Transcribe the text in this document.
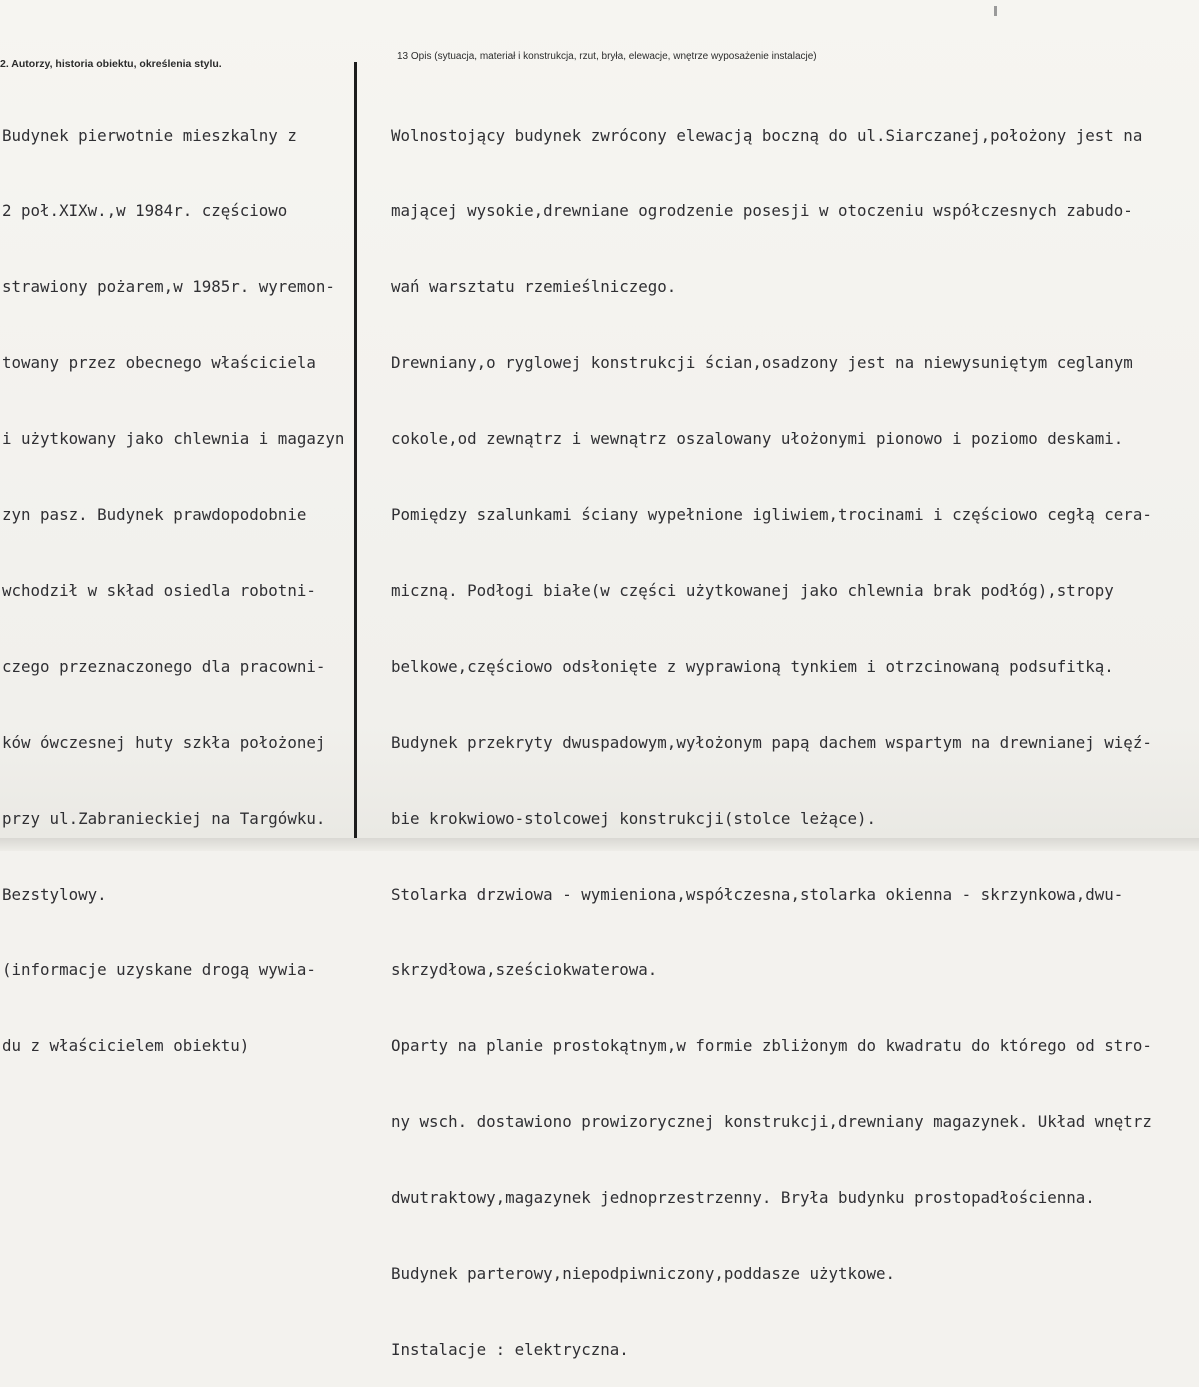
2. Autorzy, historia obiektu, określenia stylu.
13 Opis (sytuacja, materiał i konstrukcja, rzut, bryła, elewacje, wnętrze wyposażenie instalacje)

Budynek pierwotnie mieszkalny z

2 poł.XIXw.,w 1984r. częściowo

strawiony pożarem,w 1985r. wyremon-

towany przez obecnego właściciela

i użytkowany jako chlewnia i magazyn

zyn pasz. Budynek prawdopodobnie

wchodził w skład osiedla robotni-

czego przeznaczonego dla pracowni-

ków ówczesnej huty szkła położonej

przy ul.Zabranieckiej na Targówku.

Bezstylowy.

(informacje uzyskane drogą wywia-

du z właścicielem obiektu)

Wolnostojący budynek zwrócony elewacją boczną do ul.Siarczanej,położony jest na

mającej wysokie,drewniane ogrodzenie posesji w otoczeniu współczesnych zabudo-

wań warsztatu rzemieślniczego.

Drewniany,o ryglowej konstrukcji ścian,osadzony jest na niewysuniętym ceglanym

cokole,od zewnątrz i wewnątrz oszalowany ułożonymi pionowo i poziomo deskami.

Pomiędzy szalunkami ściany wypełnione igliwiem,trocinami i częściowo cegłą cera-

miczną. Podłogi białe(w części użytkowanej jako chlewnia brak podłóg),stropy

belkowe,częściowo odsłonięte z wyprawioną tynkiem i otrzcinowaną podsufitką.

Budynek przekryty dwuspadowym,wyłożonym papą dachem wspartym na drewnianej więź-

bie krokwiowo-stolcowej konstrukcji(stolce leżące).

Stolarka drzwiowa - wymieniona,współczesna,stolarka okienna - skrzynkowa,dwu-

skrzydłowa,sześciokwaterowa.

Oparty na planie prostokątnym,w formie zbliżonym do kwadratu do którego od stro-

ny wsch. dostawiono prowizorycznej konstrukcji,drewniany magazynek. Układ wnętrz

dwutraktowy,magazynek jednoprzestrzenny. Bryła budynku prostopadłościenna.

Budynek parterowy,niepodpiwniczony,poddasze użytkowe.

Instalacje : elektryczna.
